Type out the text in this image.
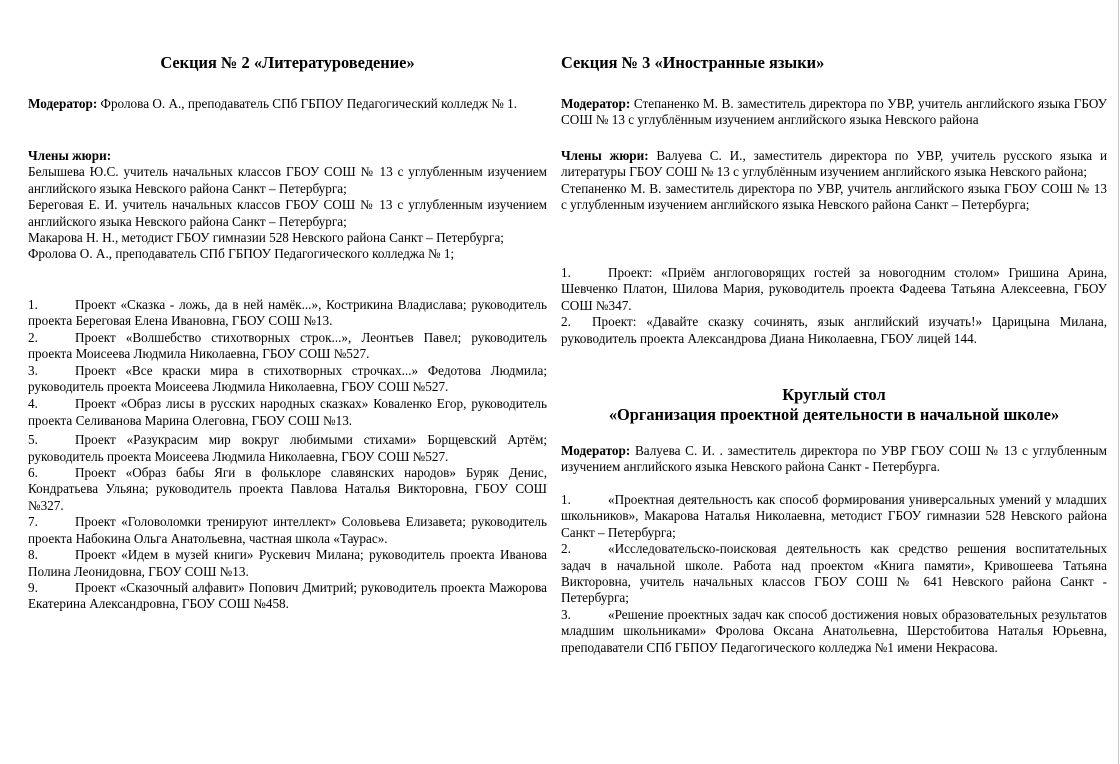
Секция № 2 «Литературоведение»

Модератор: Фролова О. А., преподаватель СПб ГБПОУ Педагогический колледж № 1.

Члены жюри:
Белышева Ю.С. учитель начальных классов ГБОУ СОШ № 13 с углубленным изучением английского языка Невского района Санкт – Петербурга;
Береговая Е. И. учитель начальных классов ГБОУ СОШ № 13 с углубленным изучением английского языка Невского района Санкт – Петербурга;
Макарова Н. Н., методист ГБОУ гимназии 528 Невского района Санкт – Петербурга;
Фролова О. А., преподаватель СПб ГБПОУ Педагогического колледжа № 1;

1.	Проект «Сказка - ложь, да в ней намёк...», Кострикина Владислава; руководитель проекта Береговая Елена Ивановна, ГБОУ СОШ №13.

2.	Проект «Волшебство стихотворных строк...», Леонтьев Павел; руководитель проекта Моисеева Людмила Николаевна, ГБОУ СОШ №527.

3.	Проект «Все краски мира в стихотворных строчках...» Федотова Людмила; руководитель проекта Моисеева Людмила Николаевна, ГБОУ СОШ №527.

4.	Проект «Образ лисы в русских народных сказках» Коваленко Егор, руководитель проекта Селиванова Марина Олеговна, ГБОУ СОШ №13.

5.	Проект «Разукрасим мир вокруг любимыми стихами» Борщевский Артём; руководитель проекта Моисеева Людмила Николаевна, ГБОУ СОШ №527.

6.	Проект «Образ бабы Яги в фольклоре славянских народов» Буряк Денис, Кондратьева Ульяна; руководитель проекта Павлова Наталья Викторовна, ГБОУ СОШ №327.

7.	Проект «Головоломки тренируют интеллект» Соловьева Елизавета; руководитель проекта Набокина Ольга Анатольевна, частная школа «Таурас».

8.	Проект «Идем в музей книги» Рускевич Милана; руководитель проекта Иванова Полина Леонидовна, ГБОУ СОШ №13.

9.	Проект «Сказочный алфавит» Попович Дмитрий; руководитель проекта Мажорова Екатерина Александровна, ГБОУ СОШ №458.

Секция № 3 «Иностранные языки»

Модератор: Степаненко М. В. заместитель директора по УВР, учитель английского языка ГБОУ СОШ № 13 с углублённым изучением английского языка Невского района

Члены жюри: Валуева С. И., заместитель директора по УВР, учитель русского языка и литературы ГБОУ СОШ № 13 с углублённым изучением английского языка Невского района;
Степаненко М. В. заместитель директора по УВР, учитель английского языка ГБОУ СОШ № 13 с углубленным изучением английского языка Невского района Санкт – Петербурга;

1.	Проект: «Приём англоговорящих гостей за новогодним столом» Гришина Арина, Шевченко Платон, Шилова Мария, руководитель проекта Фадеева Татьяна Алексеевна, ГБОУ СОШ №347.

2. Проект: «Давайте сказку сочинять, язык английский изучать!» Царицына Милана, руководитель проекта Александрова Диана Николаевна, ГБОУ лицей 144.

Круглый стол
«Организация проектной деятельности в начальной школе»

Модератор: Валуева С. И. . заместитель директора по УВР ГБОУ СОШ № 13 с углубленным изучением английского языка Невского района Санкт - Петербурга.

1.	«Проектная деятельность как способ формирования универсальных умений у младших школьников», Макарова Наталья Николаевна, методист ГБОУ гимназии 528 Невского района Санкт – Петербурга;

2.	«Исследовательско-поисковая деятельность как средство решения воспитательных задач в начальной школе. Работа над проектом «Книга памяти», Кривошеева Татьяна Викторовна, учитель начальных классов ГБОУ СОШ № 641 Невского района Санкт - Петербурга;

3.	«Решение проектных задач как способ достижения новых образовательных результатов младшим школьниками» Фролова Оксана Анатольевна, Шерстобитова Наталья Юрьевна, преподаватели СПб ГБПОУ Педагогического колледжа №1 имени Некрасова.
